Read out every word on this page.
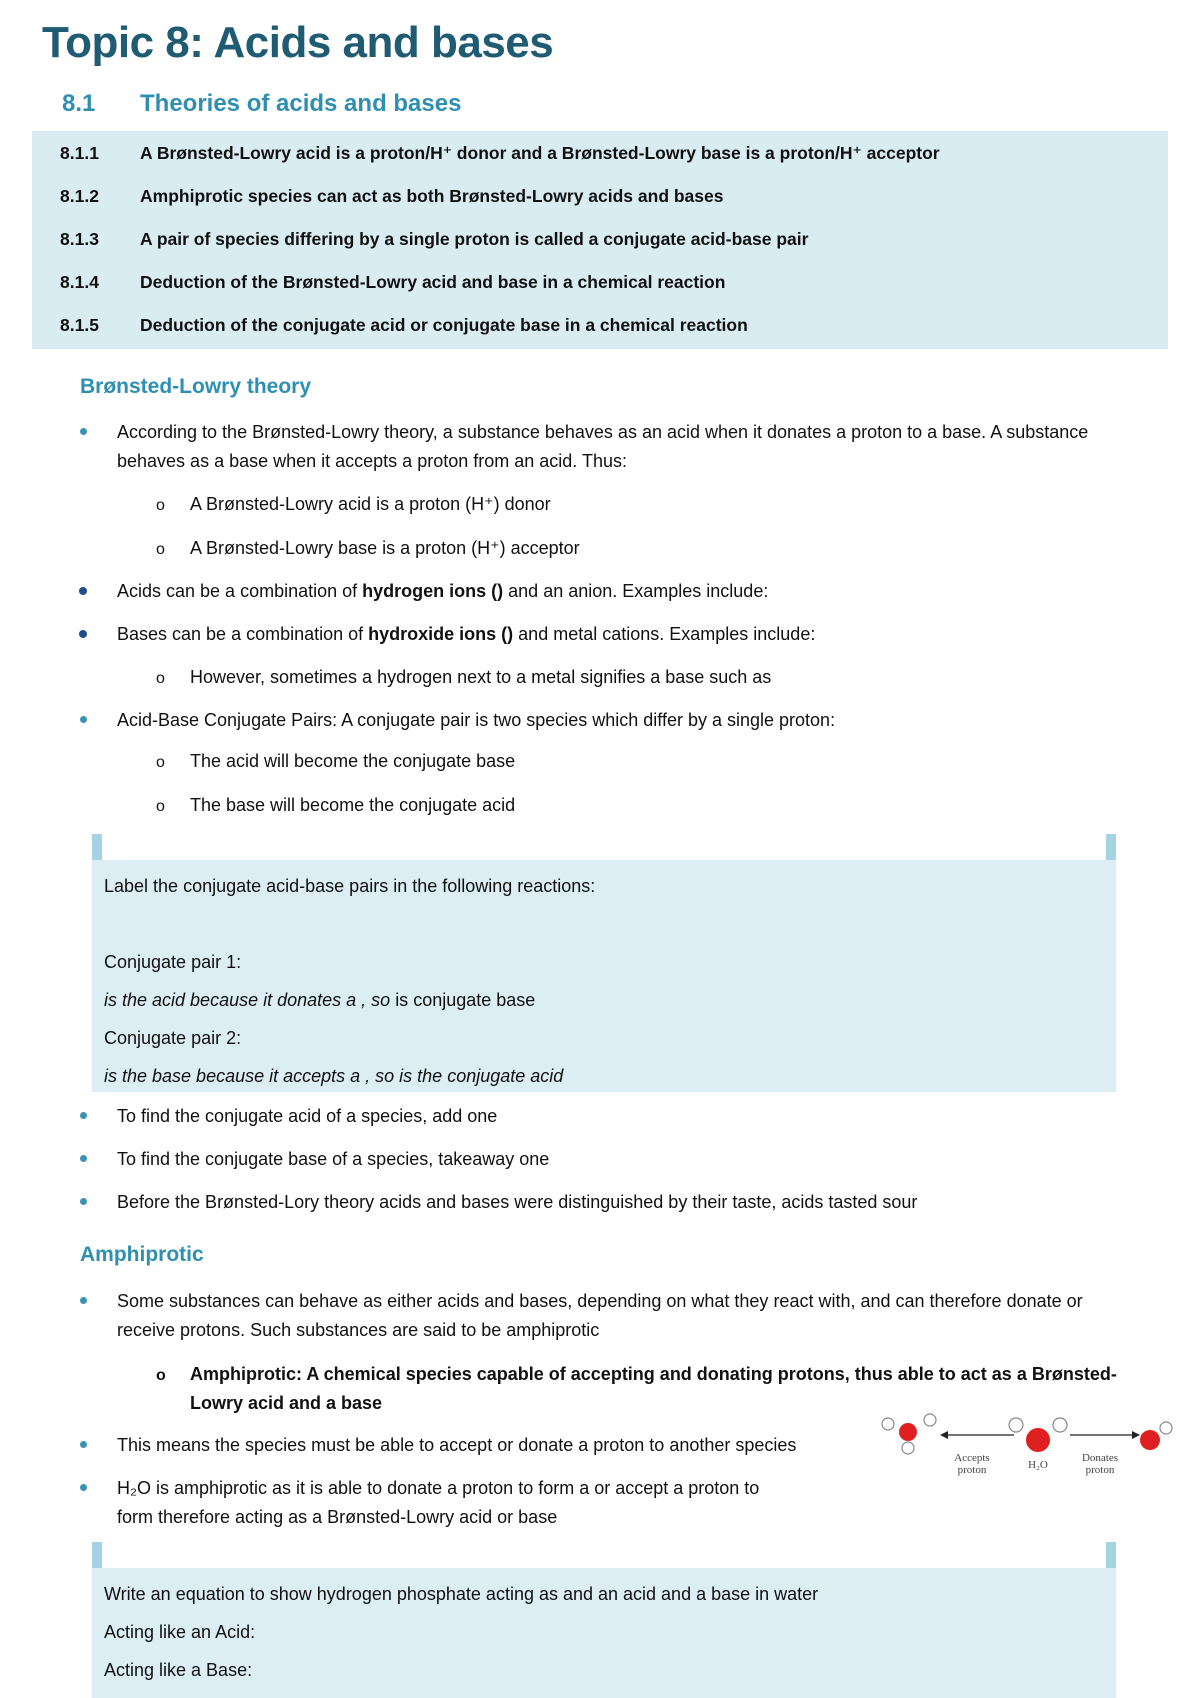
Topic 8: Acids and bases
8.1 Theories of acids and bases
8.1.1 A Brønsted-Lowry acid is a proton/H⁺ donor and a Brønsted-Lowry base is a proton/H⁺ acceptor
8.1.2 Amphiprotic species can act as both Brønsted-Lowry acids and bases
8.1.3 A pair of species differing by a single proton is called a conjugate acid-base pair
8.1.4 Deduction of the Brønsted-Lowry acid and base in a chemical reaction
8.1.5 Deduction of the conjugate acid or conjugate base in a chemical reaction
Brønsted-Lowry theory
According to the Brønsted-Lowry theory, a substance behaves as an acid when it donates a proton to a base. A substance
behaves as a base when it accepts a proton from an acid. Thus:
o A Brønsted-Lowry acid is a proton (H⁺) donor
o A Brønsted-Lowry base is a proton (H⁺) acceptor
Acids can be a combination of hydrogen ions () and an anion. Examples include:
Bases can be a combination of hydroxide ions () and metal cations. Examples include:
o However, sometimes a hydrogen next to a metal signifies a base such as
Acid-Base Conjugate Pairs: A conjugate pair is two species which differ by a single proton:
o The acid will become the conjugate base
o The base will become the conjugate acid
Label the conjugate acid-base pairs in the following reactions:
Conjugate pair 1:
is the acid because it donates a , so is conjugate base
Conjugate pair 2:
is the base because it accepts a , so is the conjugate acid
To find the conjugate acid of a species, add one
To find the conjugate base of a species, takeaway one
Before the Brønsted-Lory theory acids and bases were distinguished by their taste, acids tasted sour
Amphiprotic
Some substances can behave as either acids and bases, depending on what they react with, and can therefore donate or
receive protons. Such substances are said to be amphiprotic
o Amphiprotic: A chemical species capable of accepting and donating protons, thus able to act as a Brønsted-
Lowry acid and a base
This means the species must be able to accept or donate a proton to another species
H₂O is amphiprotic as it is able to donate a proton to form a or accept a proton to
form therefore acting as a Brønsted-Lowry acid or base
Accepts
proton	H₂O
Donates
proton
Write an equation to show hydrogen phosphate acting as and an acid and a base in water
Acting like an Acid:
Acting like a Base:
